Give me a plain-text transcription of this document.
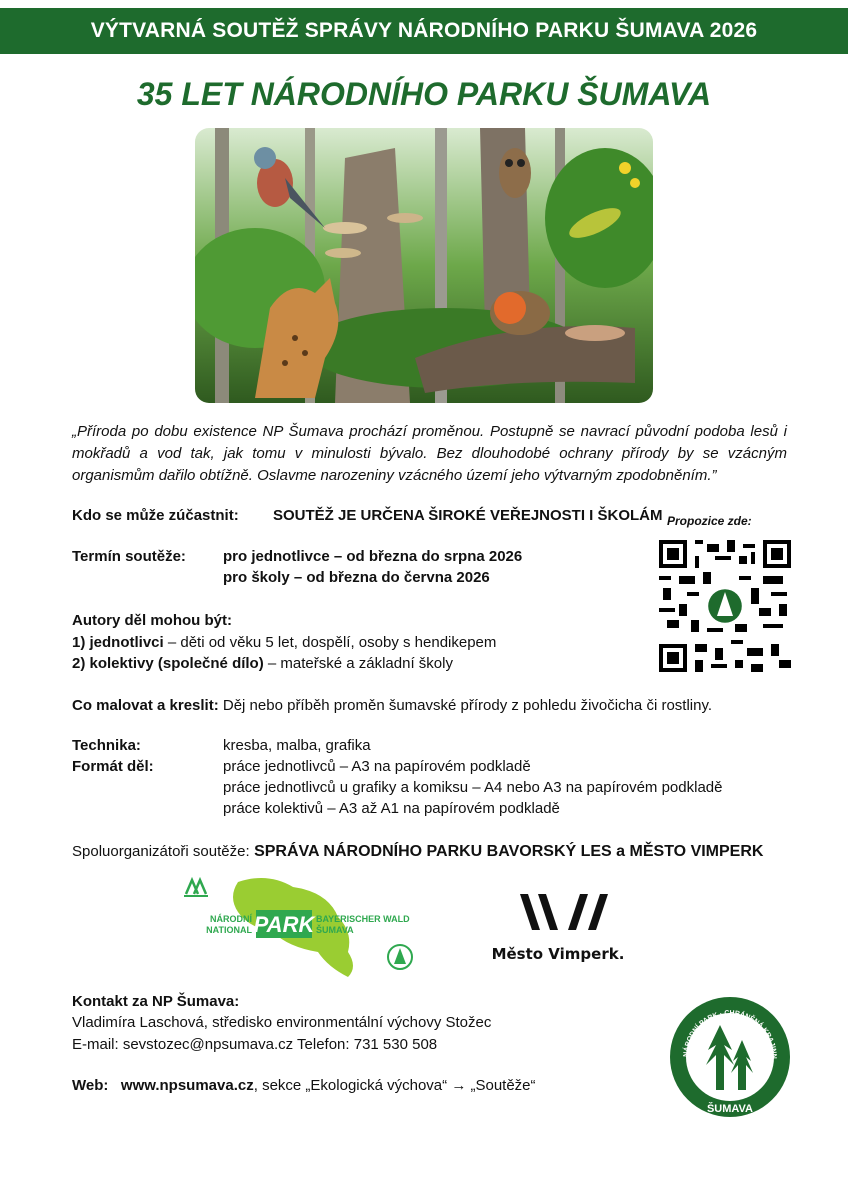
VÝTVARNÁ SOUTĚŽ SPRÁVY NÁRODNÍHO PARKU ŠUMAVA 2026
35 LET NÁRODNÍHO PARKU ŠUMAVA
„Příroda po dobu existence NP Šumava prochází proměnou. Postupně se navrací původní podoba lesů i mokřadů a vod tak, jak tomu v minulosti bývalo. Bez dlouhodobé ochrany přírody by se vzácným organismům dařilo obtížně. Oslavme narozeniny vzácného území jeho výtvarným zpodobněním.”
Kdo se může zúčastnit: SOUTĚŽ JE URČENA ŠIROKÉ VEŘEJNOSTI I ŠKOLÁM Propozice zde:
Termín soutěže: pro jednotlivce – od března do srpna 2026
pro školy – od března do června 2026
Autory děl mohou být:
1) jednotlivci – děti od věku 5 let, dospělí, osoby s hendikepem
2) kolektivy (společné dílo) – mateřské a základní školy
Co malovat a kreslit: Děj nebo příběh proměn šumavské přírody z pohledu živočicha či rostliny.
Technika:	kresba, malba, grafika
Formát děl:	práce jednotlivců – A3 na papírovém podkladě
práce jednotlivců u grafiky a komiksu – A4 nebo A3 na papírovém podkladě
práce kolektivů – A3 až A1 na papírovém podkladě
Spoluorganizátoři soutěže: SPRÁVA NÁRODNÍHO PARKU BAVORSKÝ LES a MĚSTO VIMPERK
PARK
NÁRODNÍ
NATIONAL
BAYERISCHER WALD
ŠUMAVA
Město Vimperk.
Kontakt za NP Šumava:
Vladimíra Laschová, středisko environmentální výchovy Stožec
E-mail: sevstozec@npsumava.cz Telefon: 731 530 508
Web: www.npsumava.cz, sekce „Ekologická výchova“ → „Soutěže“
NÁRODNÍ PARK · CHRÁNĚNÁ KRAJINN
ŠUMAVA
